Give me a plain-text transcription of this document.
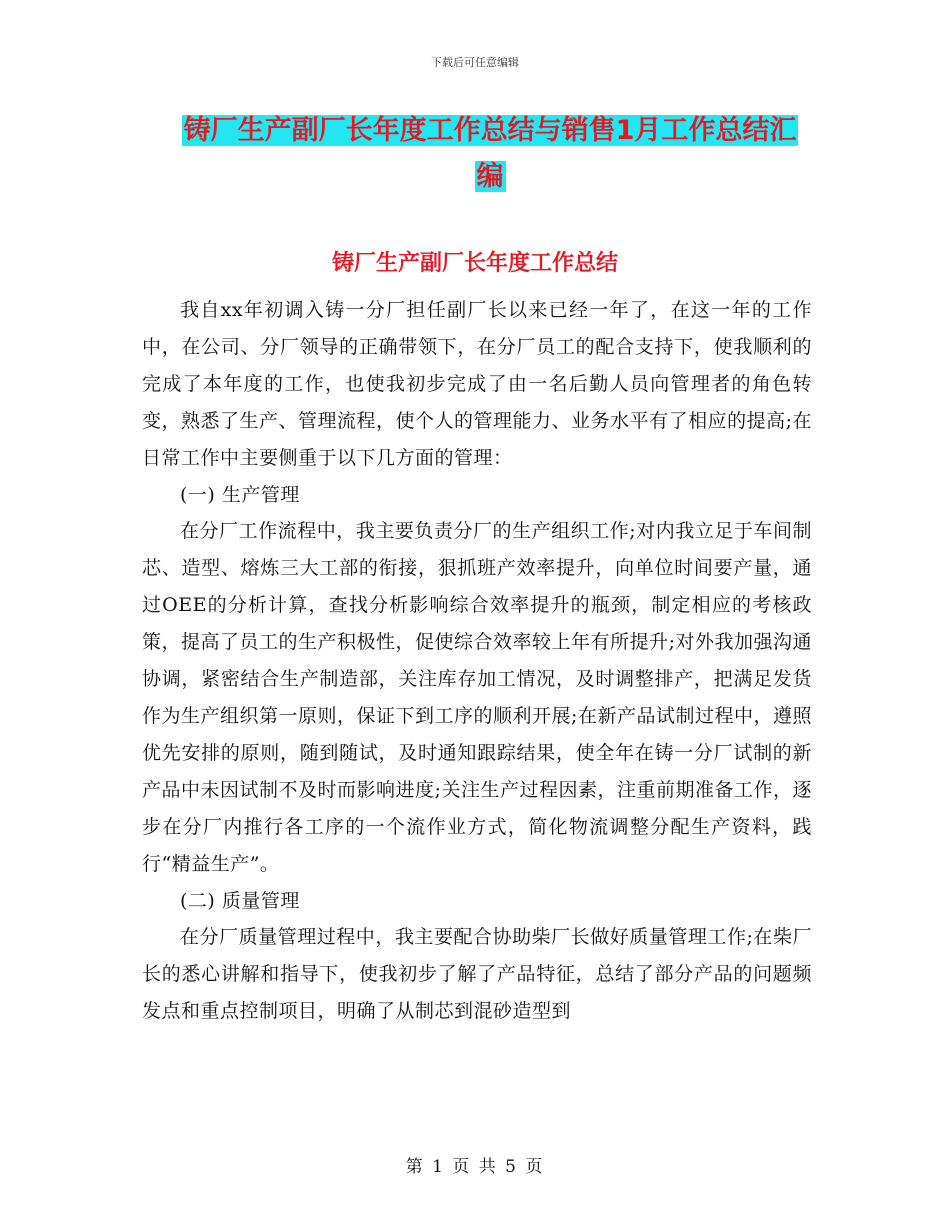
下载后可任意编辑
铸厂生产副厂长年度工作总结与销售1月工作总结汇
编
铸厂生产副厂长年度工作总结

我自xx年初调入铸一分厂担任副厂长以来已经一年了，在这一年的工作中，在公司、分厂领导的正确带领下，在分厂员工的配合支持下，使我顺利的完成了本年度的工作，也使我初步完成了由一名后勤人员向管理者的角色转变，熟悉了生产、管理流程，使个人的管理能力、业务水平有了相应的提高;在日常工作中主要侧重于以下几方面的管理：

(一) 生产管理

在分厂工作流程中，我主要负责分厂的生产组织工作;对内我立足于车间制芯、造型、熔炼三大工部的衔接，狠抓班产效率提升，向单位时间要产量，通过OEE的分析计算，查找分析影响综合效率提升的瓶颈，制定相应的考核政策，提高了员工的生产积极性，促使综合效率较上年有所提升;对外我加强沟通协调，紧密结合生产制造部，关注库存加工情况，及时调整排产，把满足发货作为生产组织第一原则，保证下到工序的顺利开展;在新产品试制过程中，遵照优先安排的原则，随到随试，及时通知跟踪结果，使全年在铸一分厂试制的新产品中未因试制不及时而影响进度;关注生产过程因素，注重前期准备工作，逐步在分厂内推行各工序的一个流作业方式，简化物流调整分配生产资料，践行“精益生产”。

(二) 质量管理

在分厂质量管理过程中，我主要配合协助柴厂长做好质量管理工作;在柴厂长的悉心讲解和指导下，使我初步了解了产品特征，总结了部分产品的问题频发点和重点控制项目，明确了从制芯到混砂造型到

第 1 页 共 5 页
